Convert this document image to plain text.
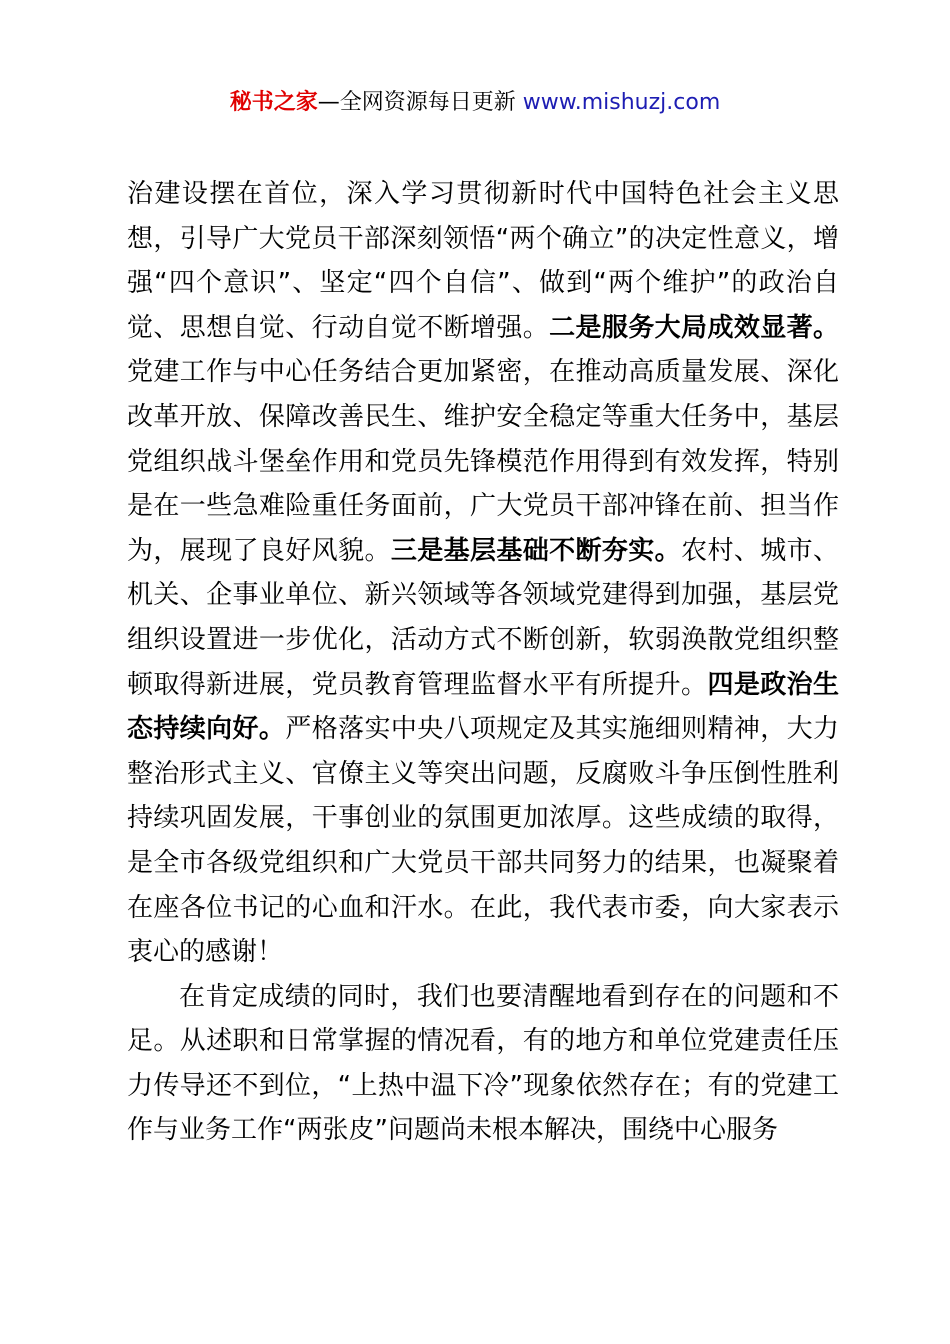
秘书之家—全网资源每日更新 www.mishuzj.com

治建设摆在首位，深入学习贯彻新时代中国特色社会主义思想，引导广大党员干部深刻领悟“两个确立”的决定性意义，增强“四个意识”、坚定“四个自信”、做到“两个维护”的政治自觉、思想自觉、行动自觉不断增强。二是服务大局成效显著。党建工作与中心任务结合更加紧密，在推动高质量发展、深化改革开放、保障改善民生、维护安全稳定等重大任务中，基层党组织战斗堡垒作用和党员先锋模范作用得到有效发挥，特别是在一些急难险重任务面前，广大党员干部冲锋在前、担当作为，展现了良好风貌。三是基层基础不断夯实。农村、城市、机关、企事业单位、新兴领域等各领域党建得到加强，基层党组织设置进一步优化，活动方式不断创新，软弱涣散党组织整顿取得新进展，党员教育管理监督水平有所提升。四是政治生态持续向好。严格落实中央八项规定及其实施细则精神，大力整治形式主义、官僚主义等突出问题，反腐败斗争压倒性胜利持续巩固发展，干事创业的氛围更加浓厚。这些成绩的取得，是全市各级党组织和广大党员干部共同努力的结果，也凝聚着在座各位书记的心血和汗水。在此，我代表市委，向大家表示衷心的感谢！

在肯定成绩的同时，我们也要清醒地看到存在的问题和不足。从述职和日常掌握的情况看，有的地方和单位党建责任压力传导还不到位，“上热中温下冷”现象依然存在；有的党建工作与业务工作“两张皮”问题尚未根本解决，围绕中心服务
